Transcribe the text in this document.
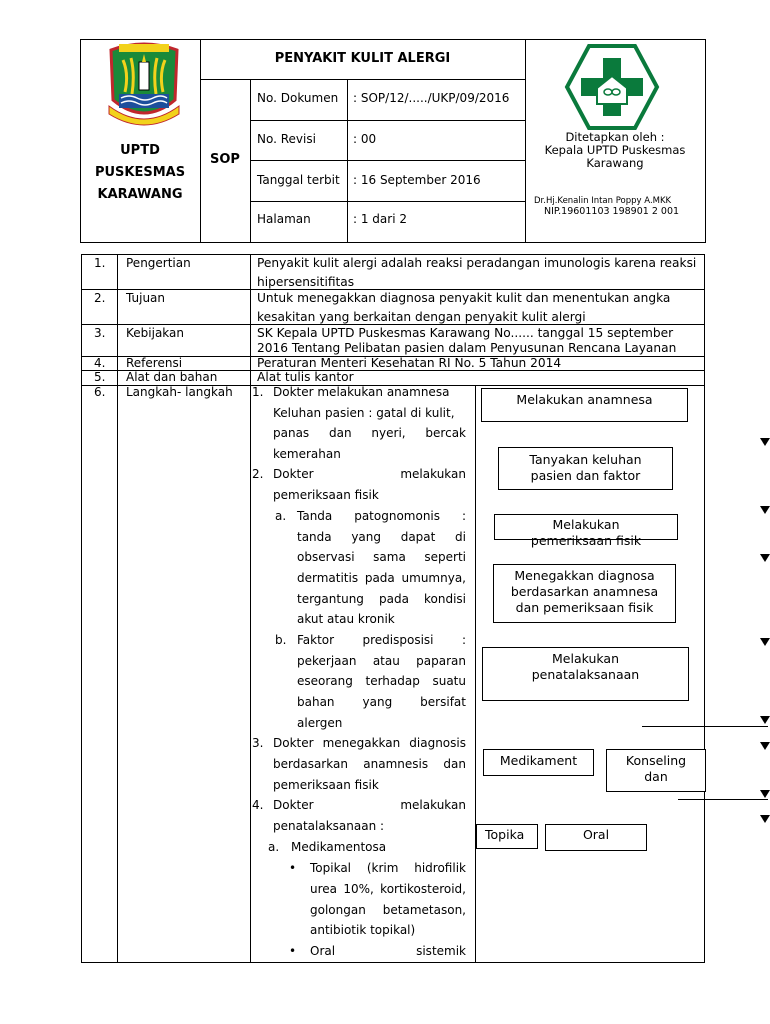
UPTD
PUSKESMAS
KARAWANG
SOP
PENYAKIT KULIT ALERGI
No. Dokumen : SOP/12/...../UKP/09/2016
No. Revisi	: 00
Tanggal terbit : 16 September 2016
Halaman	: 1 dari 2
Ditetapkan oleh :
Kepala UPTD Puskesmas
Karawang
Dr.Hj.Kenalin Intan Poppy A.MKK
NIP.19601103 198901 2 001
1. Pengertian	Penyakit kulit alergi adalah reaksi peradangan imunologis karena reaksi
hipersensitifitas
2. Tujuan	Untuk menegakkan diagnosa penyakit kulit dan menentukan angka
kesakitan yang berkaitan dengan penyakit kulit alergi
3. Kebijakan	SK Kepala UPTD Puskesmas Karawang No...... tanggal 15 september
2016 Tentang Pelibatan pasien dalam Penyusunan Rencana Layanan
4. Referensi	Peraturan Menteri Kesehatan RI No. 5 Tahun 2014
5. Alat dan bahan	Alat tulis kantor
6. Langkah- langkah 1. Dokter melakukan anamnesa
Keluhan pasien : gatal di kulit,
panas dan nyeri, bercak
kemerahan
2. Dokter melakukan
pemeriksaan fisik
a. Tanda patognomonis :
tanda yang dapat di
observasi sama seperti
dermatitis pada umumnya,
tergantung pada kondisi
akut atau kronik
b. Faktor predisposisi :
pekerjaan atau paparan
eseorang terhadap suatu
bahan yang bersifat
alergen
3. Dokter menegakkan diagnosis
berdasarkan anamnesis dan
pemeriksaan fisik
4. Dokter melakukan
penatalaksanaan :
a. Medikamentosa
• Topikal (krim hidrofilik
urea 10%, kortikosteroid,
golongan betametason,
antibiotik topikal)
• Oral sistemik
Melakukan anamnesa
Tanyakan keluhan
pasien dan faktor
Melakukan
pemeriksaan fisik
Menegakkan diagnosa
berdasarkan anamnesa
dan pemeriksaan fisik
Melakukan
penatalaksanaan
Medikament	Konseling
dan
Topika	Oral
